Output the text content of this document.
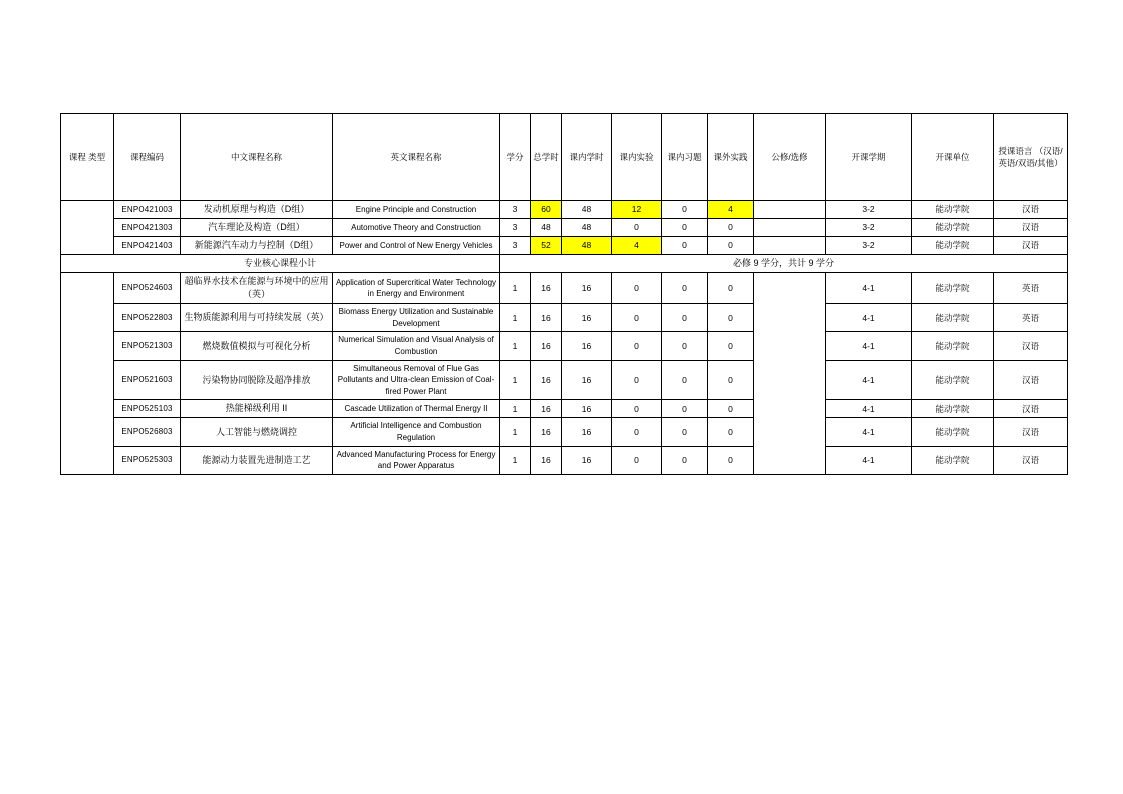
课程 类型	课程编码	中文课程名称	英文课程名称	学分	总学时	课内学时	课内实验	课内习题	课外实践	公修/选修	开课学期	开课单位	授课语言 （汉语/英语/双语/其他）
	ENPO421003	发动机原理与构造（D组）	Engine Principle and Construction	3	60	48	12	0	4		3-2	能动学院	汉语
	ENPO421303	汽车理论及构造（D组）	Automotive Theory and Construction	3	48	48	0	0	0		3-2	能动学院	汉语
	ENPO421403	新能源汽车动力与控制（D组）	Power and Control of New Energy Vehicles	3	52	48	4	0	0		3-2	能动学院	汉语
专业核心课程小计				必修 9 学分，共计 9 学分									
	ENPO524603	超临界水技术在能源与环境中的应用（英）	Application of Supercritical Water Technology in Energy and Environment	1	16	16	0	0	0		4-1	能动学院	英语
	ENPO522803	生物质能源利用与可持续发展（英）	Biomass Energy Utilization and Sustainable Development	1	16	16	0	0	0		4-1	能动学院	英语
	ENPO521303	燃烧数值模拟与可视化分析	Numerical Simulation and Visual Analysis of Combustion	1	16	16	0	0	0		4-1	能动学院	汉语
	ENPO521603	污染物协同脱除及超净排放	Simultaneous Removal of Flue Gas Pollutants and Ultra-clean Emission of Coal-fired Power Plant	1	16	16	0	0	0		4-1	能动学院	汉语
	ENPO525103	热能梯级利用 II	Cascade Utilization of Thermal Energy II	1	16	16	0	0	0		4-1	能动学院	汉语
	ENPO526803	人工智能与燃烧调控	Artificial Intelligence and Combustion Regulation	1	16	16	0	0	0		4-1	能动学院	汉语
	ENPO525303	能源动力装置先进制造工艺	Advanced Manufacturing Process for Energy and Power Apparatus	1	16	16	0	0	0		4-1	能动学院	汉语
